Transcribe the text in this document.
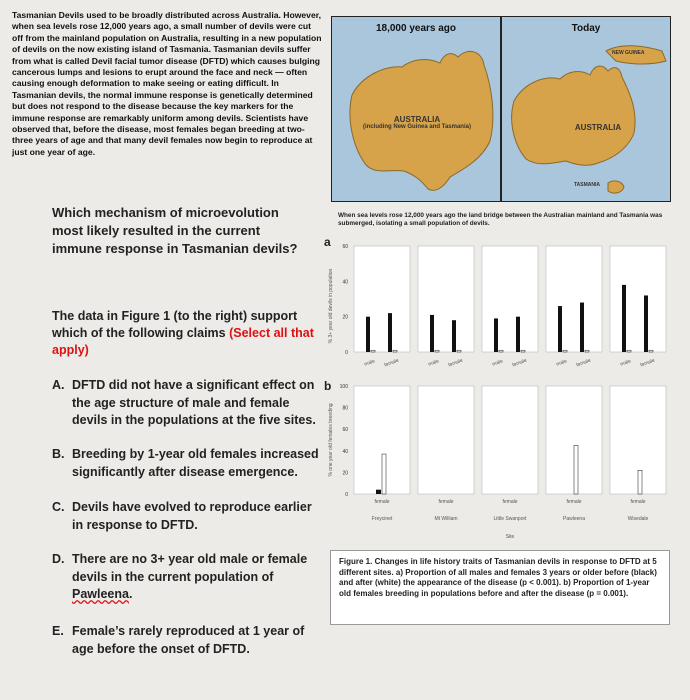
Tasmanian Devils used to be broadly distributed across Australia. However, when sea levels rose 12,000 years ago, a small number of devils were cut off from the mainland population on Australia, resulting in a new population of devils on the now existing island of Tasmania. Tasmanian devils suffer from what is called Devil facial tumor disease (DFTD) which causes bulging cancerous lumps and lesions to erupt around the face and neck — often causing enough deformation to make seeing or eating difficult. In Tasmanian devils, the normal immune response is genetically determined but does not respond to the disease because the key markers for the immune response are remarkably uniform among devils. Scientists have observed that, before the disease, most females began breeding at two-three years of age and that many devil females now begin to reproduce at just one year of age.
Which mechanism of microevolution most likely resulted in the current immune response in Tasmanian devils?
The data in Figure 1 (to the right) support which of the following claims (Select all that apply)
A. DFTD did not have a significant effect on the age structure of male and female devils in the populations at the five sites.
B. Breeding by 1-year old females increased significantly after disease emergence.
C. Devils have evolved to reproduce earlier in response to DFTD.
D. There are no 3+ year old male or female devils in the current population of Pawleena.
E. Female’s rarely reproduced at 1 year of age before the onset of DFTD.
18,000 years ago
AUSTRALIA
(including New Guinea and Tasmania)
Today
NEW GUINEA
AUSTRALIA
TASMANIA
When sea levels rose 12,000 years ago the land bridge between the Australian mainland and Tasmania was submerged, isolating a small population of devils.
a
% 3+ year old devils in population
0
20
40
60
male female	male female	male female	male female	male female
b
% one year old females breeding
0
20
40
60
80
100
female
Freycinet
female
Mt William
female
Little Swanport
female
Pawleena
female
Wisedale
Site
Figure 1. Changes in life history traits of Tasmanian devils in response to DFTD at 5 different sites. a) Proportion of all males and females 3 years or older before (black) and after (white) the appearance of the disease (p < 0.001). b) Proportion of 1-year old females breeding in populations before and after the disease (p = 0.001).
